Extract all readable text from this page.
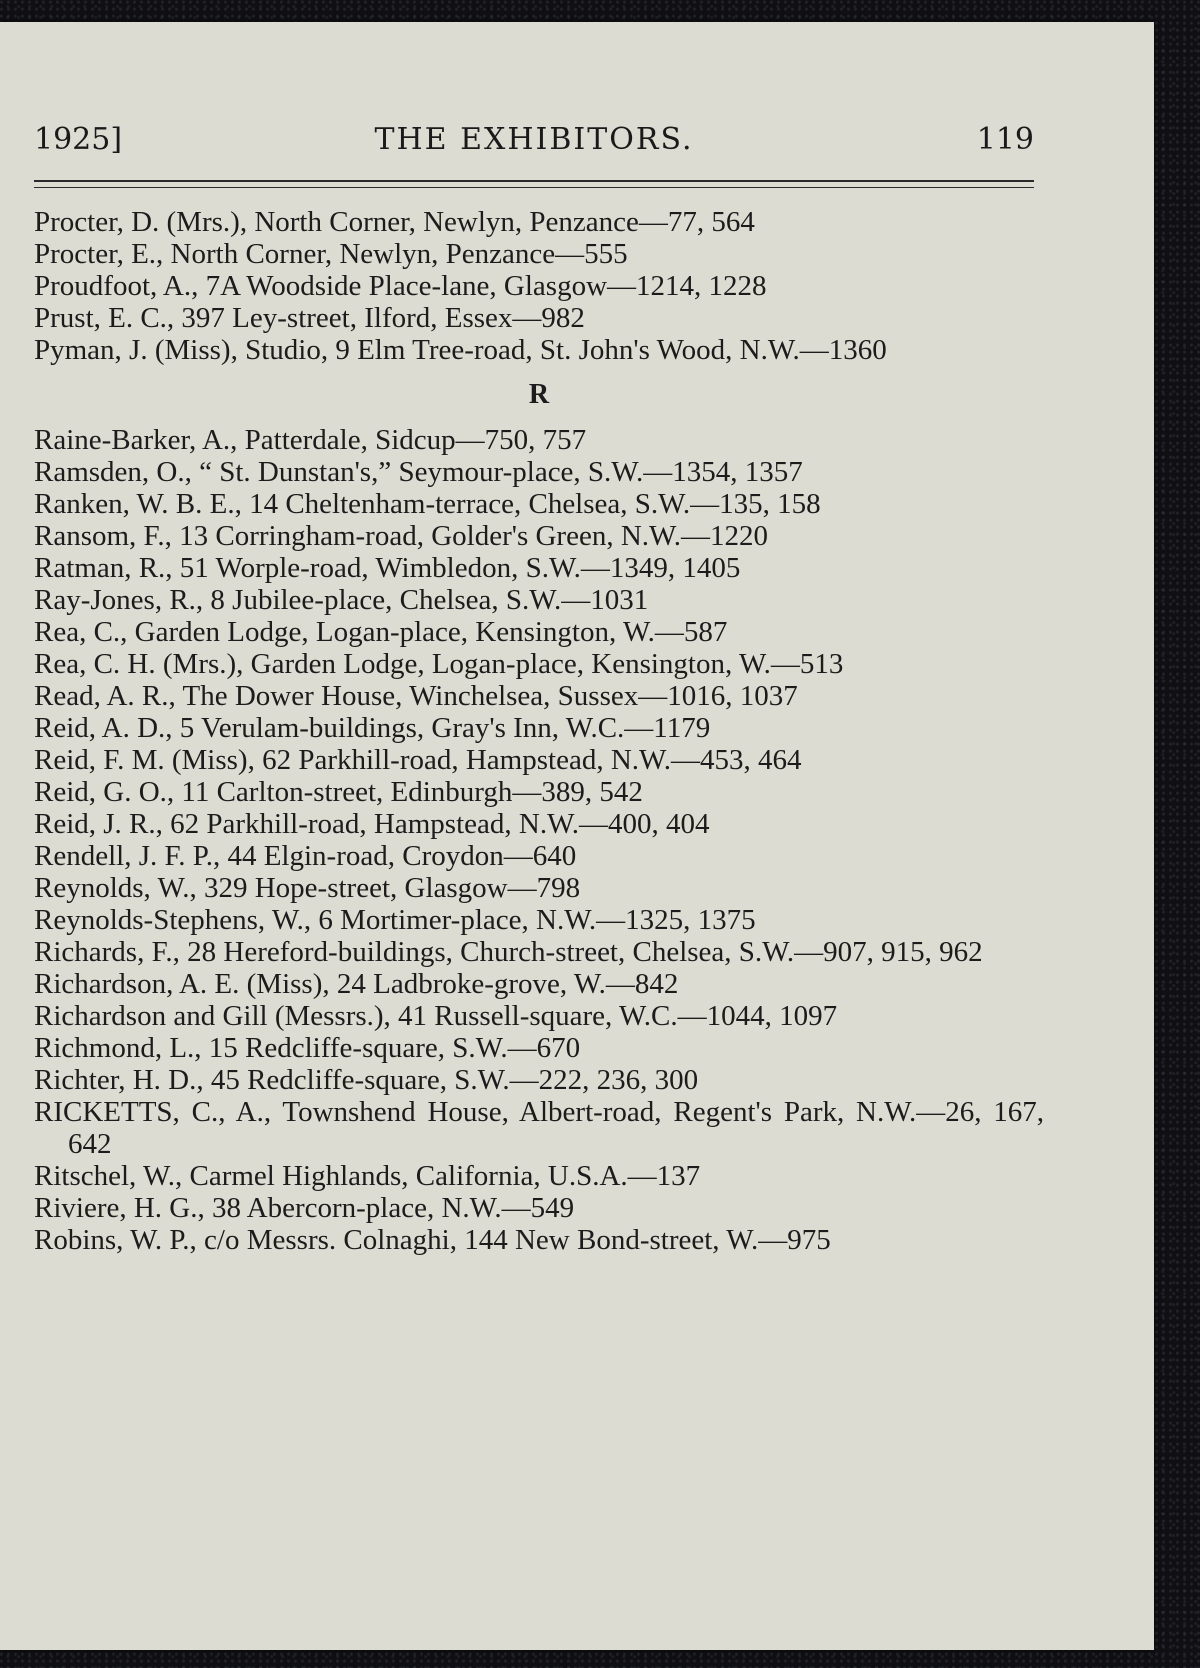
1925]	THE EXHIBITORS.	119
Procter, D. (Mrs.), North Corner, Newlyn, Penzance—77, 564
Procter, E., North Corner, Newlyn, Penzance—555
Proudfoot, A., 7A Woodside Place-lane, Glasgow—1214, 1228
Prust, E. C., 397 Ley-street, Ilford, Essex—982
Pyman, J. (Miss), Studio, 9 Elm Tree-road, St. John's Wood, N.W.—1360
R
Raine-Barker, A., Patterdale, Sidcup—750, 757
Ramsden, O., “ St. Dunstan's,” Seymour-place, S.W.—1354, 1357
Ranken, W. B. E., 14 Cheltenham-terrace, Chelsea, S.W.—135, 158
Ransom, F., 13 Corringham-road, Golder's Green, N.W.—1220
Ratman, R., 51 Worple-road, Wimbledon, S.W.—1349, 1405
Ray-Jones, R., 8 Jubilee-place, Chelsea, S.W.—1031
Rea, C., Garden Lodge, Logan-place, Kensington, W.—587
Rea, C. H. (Mrs.), Garden Lodge, Logan-place, Kensington, W.—513
Read, A. R., The Dower House, Winchelsea, Sussex—1016, 1037
Reid, A. D., 5 Verulam-buildings, Gray's Inn, W.C.—1179
Reid, F. M. (Miss), 62 Parkhill-road, Hampstead, N.W.—453, 464
Reid, G. O., 11 Carlton-street, Edinburgh—389, 542
Reid, J. R., 62 Parkhill-road, Hampstead, N.W.—400, 404
Rendell, J. F. P., 44 Elgin-road, Croydon—640
Reynolds, W., 329 Hope-street, Glasgow—798
Reynolds-Stephens, W., 6 Mortimer-place, N.W.—1325, 1375
Richards, F., 28 Hereford-buildings, Church-street, Chelsea, S.W.—907, 915, 962
Richardson, A. E. (Miss), 24 Ladbroke-grove, W.—842
Richardson and Gill (Messrs.), 41 Russell-square, W.C.—1044, 1097
Richmond, L., 15 Redcliffe-square, S.W.—670
Richter, H. D., 45 Redcliffe-square, S.W.—222, 236, 300
RICKETTS, C., A., Townshend House, Albert-road, Regent's Park, N.W.—26, 167, 642
Ritschel, W., Carmel Highlands, California, U.S.A.—137
Riviere, H. G., 38 Abercorn-place, N.W.—549
Robins, W. P., c/o Messrs. Colnaghi, 144 New Bond-street, W.—975
